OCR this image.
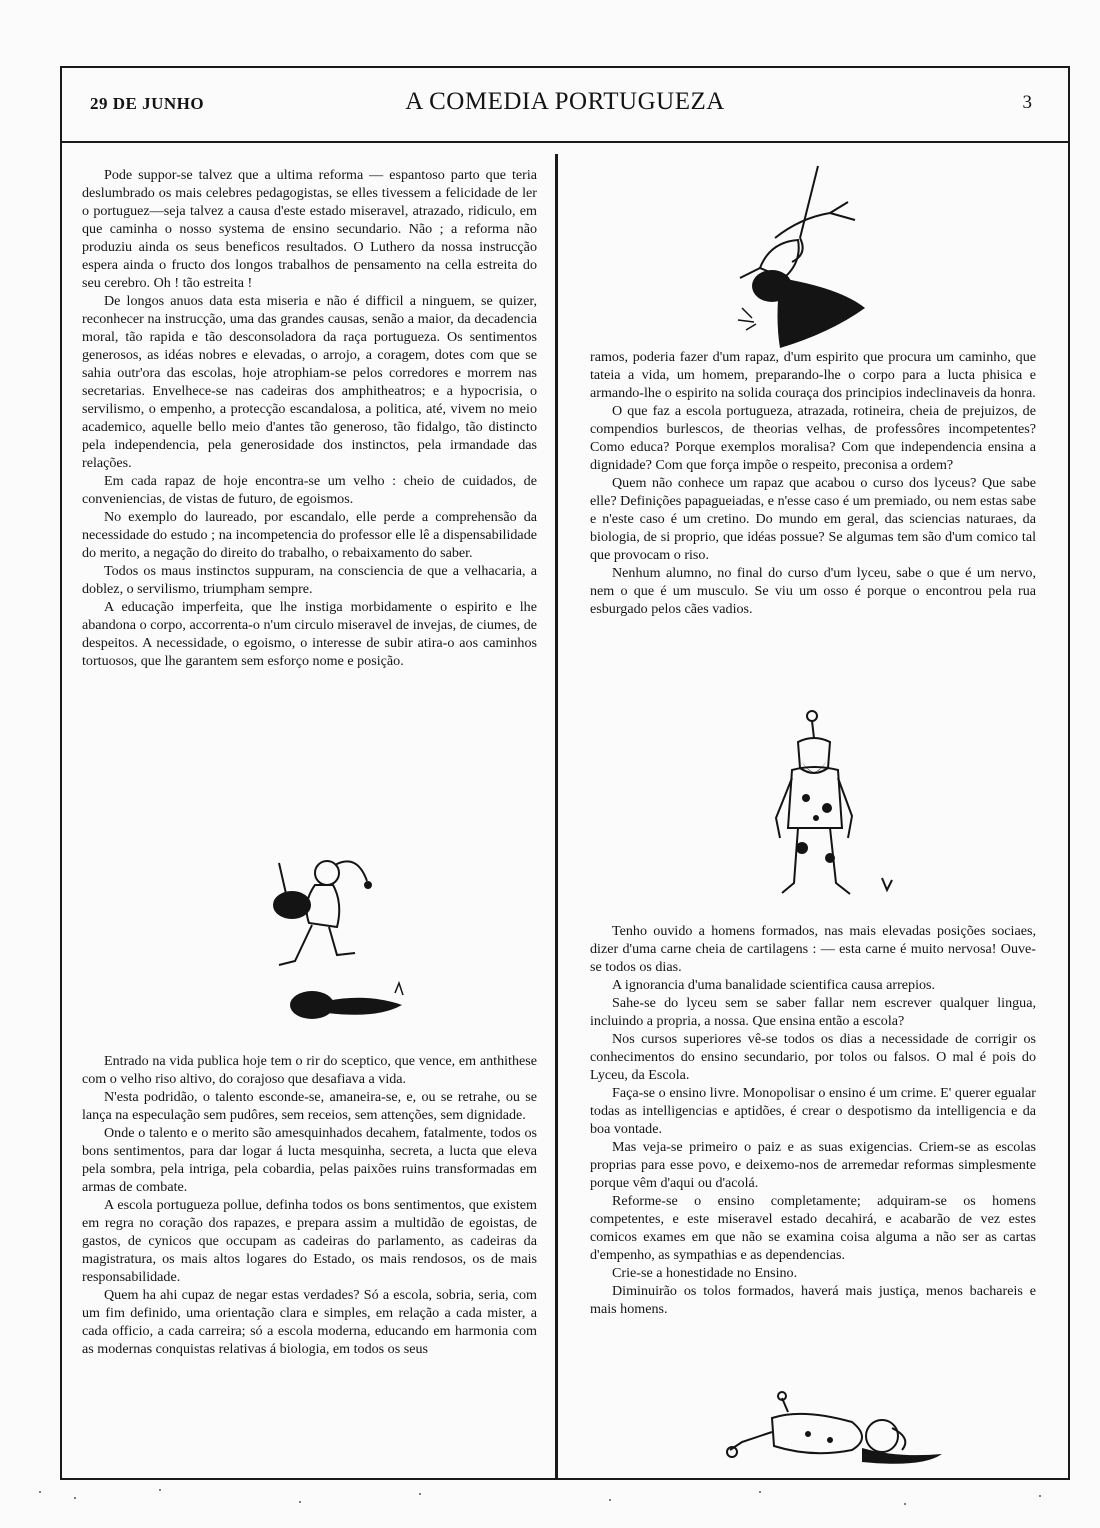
29 DE JUNHO	A COMEDIA PORTUGUEZA	3

Pode suppor-se talvez que a ultima reforma — espantoso parto que teria deslumbrado os mais celebres pedagogistas, se elles tivessem a felicidade de ler o portuguez—seja talvez a causa d'este estado miseravel, atrazado, ridiculo, em que caminha o nosso systema de ensino secundario. Não ; a reforma não produziu ainda os seus beneficos resultados. O Luthero da nossa instrucção espera ainda o fructo dos longos trabalhos de pensamento na cella estreita do seu cerebro. Oh ! tão estreita !

De longos anuos data esta miseria e não é difficil a ninguem, se quizer, reconhecer na instrucção, uma das grandes causas, senão a maior, da decadencia moral, tão rapida e tão desconsoladora da raça portugueza. Os sentimentos generosos, as idéas nobres e elevadas, o arrojo, a coragem, dotes com que se sahia outr'ora das escolas, hoje atrophiam-se pelos corredores e morrem nas secretarias. Envelhece-se nas cadeiras dos amphitheatros; e a hypocrisia, o servilismo, o empenho, a protecção escandalosa, a politica, até, vivem no meio academico, aquelle bello meio d'antes tão generoso, tão fidalgo, tão distincto pela independencia, pela generosidade dos instinctos, pela irmandade das relações.

Em cada rapaz de hoje encontra-se um velho : cheio de cuidados, de conveniencias, de vistas de futuro, de egoismos.

No exemplo do laureado, por escandalo, elle perde a comprehensão da necessidade do estudo ; na incompetencia do professor elle lê a dispensabilidade do merito, a negação do direito do trabalho, o rebaixamento do saber.

Todos os maus instinctos suppuram, na consciencia de que a velhacaria, a doblez, o servilismo, triumpham sempre.

A educação imperfeita, que lhe instiga morbidamente o espirito e lhe abandona o corpo, accorrenta-o n'um circulo miseravel de invejas, de ciumes, de despeitos. A necessidade, o egoismo, o interesse de subir atira-o aos caminhos tortuosos, que lhe garantem sem esforço nome e posição.

Entrado na vida publica hoje tem o rir do sceptico, que vence, em anthithese com o velho riso altivo, do corajoso que desafiava a vida.

N'esta podridão, o talento esconde-se, amaneira-se, e, ou se retrahe, ou se lança na especulação sem pudôres, sem receios, sem attenções, sem dignidade.

Onde o talento e o merito são amesquinhados decahem, fatalmente, todos os bons sentimentos, para dar logar á lucta mesquinha, secreta, a lucta que eleva pela sombra, pela intriga, pela cobardia, pelas paixões ruins transformadas em armas de combate.

A escola portugueza pollue, definha todos os bons sentimentos, que existem em regra no coração dos rapazes, e prepara assim a multidão de egoistas, de gastos, de cynicos que occupam as cadeiras do parlamento, as cadeiras da magistratura, os mais altos logares do Estado, os mais rendosos, os de mais responsabilidade.

Quem ha ahi cupaz de negar estas verdades? Só a escola, sobria, seria, com um fim definido, uma orientação clara e simples, em relação a cada mister, a cada officio, a cada carreira; só a escola moderna, educando em harmonia com as modernas conquistas relativas á biologia, em todos os seus

ramos, poderia fazer d'um rapaz, d'um espirito que procura um caminho, que tateia a vida, um homem, preparando-lhe o corpo para a lucta phisica e armando-lhe o espirito na solida couraça dos principios indeclinaveis da honra.

O que faz a escola portugueza, atrazada, rotineira, cheia de prejuizos, de compendios burlescos, de theorias velhas, de professôres incompetentes? Como educa? Porque exemplos moralisa? Com que independencia ensina a dignidade? Com que força impõe o respeito, preconisa a ordem?

Quem não conhece um rapaz que acabou o curso dos lyceus? Que sabe elle? Definições papagueiadas, e n'esse caso é um premiado, ou nem estas sabe e n'este caso é um cretino. Do mundo em geral, das sciencias naturaes, da biologia, de si proprio, que idéas possue? Se algumas tem são d'um comico tal que provocam o riso.

Nenhum alumno, no final do curso d'um lyceu, sabe o que é um nervo, nem o que é um musculo. Se viu um osso é porque o encontrou pela rua esburgado pelos cães vadios.

Tenho ouvido a homens formados, nas mais elevadas posições sociaes, dizer d'uma carne cheia de cartilagens : — esta carne é muito nervosa! Ouve-se todos os dias.

A ignorancia d'uma banalidade scientifica causa arrepios.

Sahe-se do lyceu sem se saber fallar nem escrever qualquer lingua, incluindo a propria, a nossa. Que ensina então a escola?

Nos cursos superiores vê-se todos os dias a necessidade de corrigir os conhecimentos do ensino secundario, por tolos ou falsos. O mal é pois do Lyceu, da Escola.

Faça-se o ensino livre. Monopolisar o ensino é um crime. E' querer egualar todas as intelligencias e aptidões, é crear o despotismo da intelligencia e da boa vontade.

Mas veja-se primeiro o paiz e as suas exigencias. Criem-se as escolas proprias para esse povo, e deixemo-nos de arremedar reformas simplesmente porque vêm d'aqui ou d'acolá.

Reforme-se o ensino completamente; adquiram-se os homens competentes, e este miseravel estado decahirá, e acabarão de vez estes comicos exames em que não se examina coisa alguma a não ser as cartas d'empenho, as sympathias e as dependencias.

Crie-se a honestidade no Ensino.

Diminuirão os tolos formados, haverá mais justiça, menos bachareis e mais homens.
